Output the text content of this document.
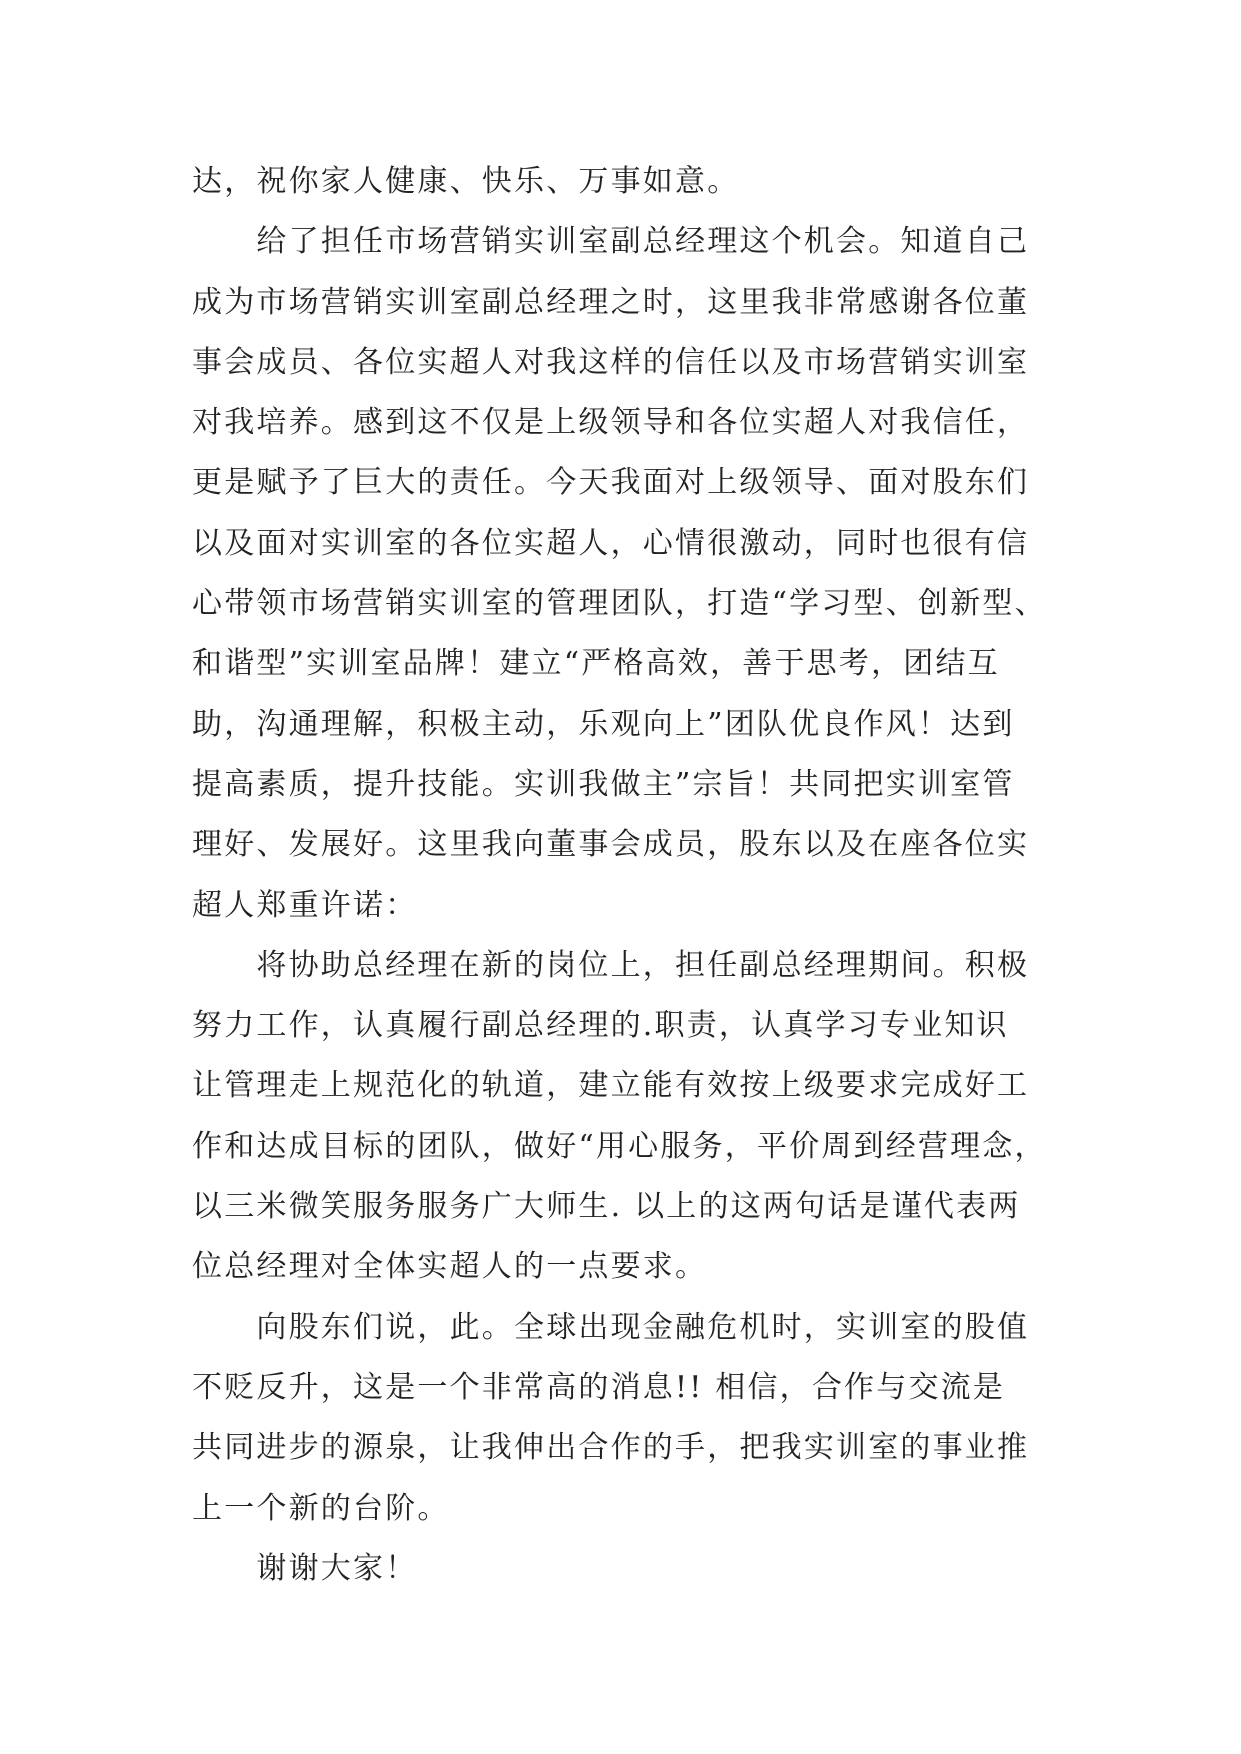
达，祝你家人健康、快乐、万事如意。
　　给了担任市场营销实训室副总经理这个机会。知道自己
成为市场营销实训室副总经理之时，这里我非常感谢各位董
事会成员、各位实超人对我这样的信任以及市场营销实训室
对我培养。感到这不仅是上级领导和各位实超人对我信任，
更是赋予了巨大的责任。今天我面对上级领导、面对股东们
以及面对实训室的各位实超人，心情很激动，同时也很有信
心带领市场营销实训室的管理团队，打造“学习型、创新型、
和谐型”实训室品牌！建立“严格高效，善于思考，团结互
助，沟通理解，积极主动，乐观向上”团队优良作风！达到
提高素质，提升技能。实训我做主”宗旨！共同把实训室管
理好、发展好。这里我向董事会成员，股东以及在座各位实
超人郑重许诺：
　　将协助总经理在新的岗位上，担任副总经理期间。积极
努力工作，认真履行副总经理的.职责，认真学习专业知识
让管理走上规范化的轨道，建立能有效按上级要求完成好工
作和达成目标的团队，做好“用心服务，平价周到经营理念，
以三米微笑服务服务广大师生. 以上的这两句话是谨代表两
位总经理对全体实超人的一点要求。
　　向股东们说，此。全球出现金融危机时，实训室的股值
不贬反升，这是一个非常高的消息!! 相信，合作与交流是
共同进步的源泉，让我伸出合作的手，把我实训室的事业推
上一个新的台阶。
　　谢谢大家！
